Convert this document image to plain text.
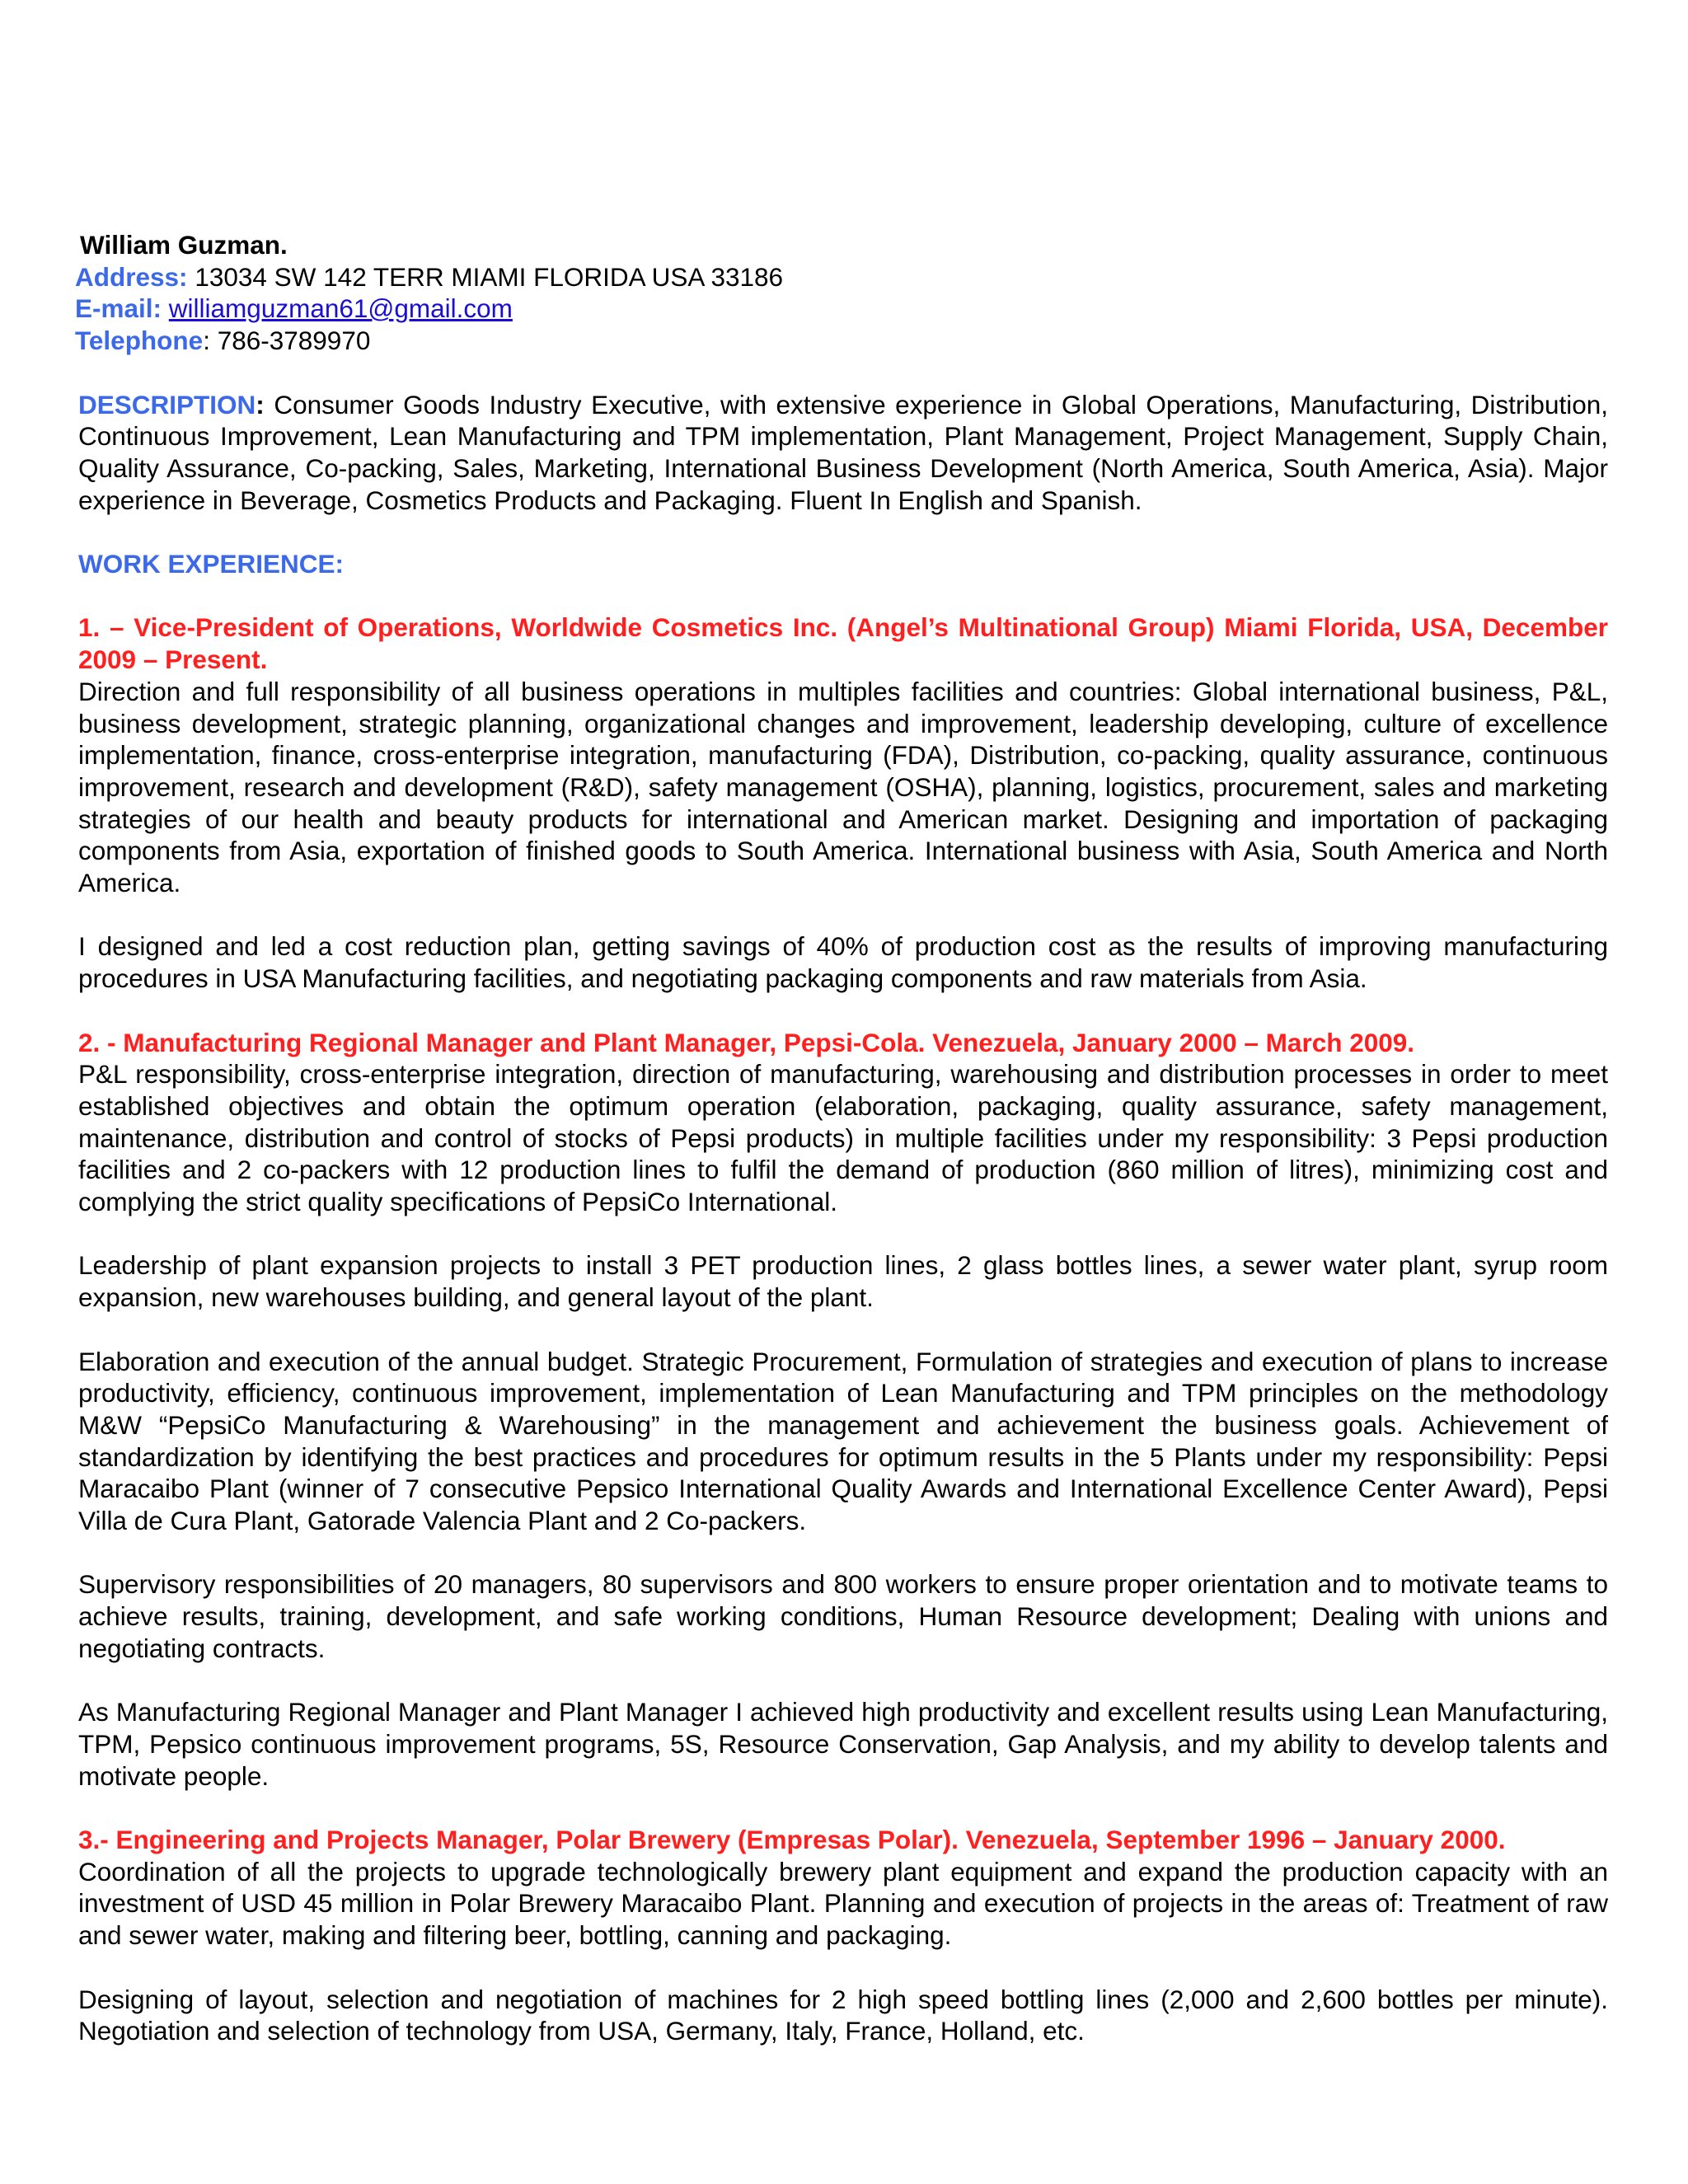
William Guzman.
Address: 13034 SW 142 TERR MIAMI FLORIDA USA 33186
E-mail: williamguzman61@gmail.com
Telephone: 786-3789970

DESCRIPTION: Consumer Goods Industry Executive, with extensive experience in Global Operations, Manufacturing, Distribution, Continuous Improvement, Lean Manufacturing and TPM implementation, Plant Management, Project Management, Supply Chain, Quality Assurance, Co-packing, Sales, Marketing, International Business Development (North America, South America, Asia). Major experience in Beverage, Cosmetics Products and Packaging. Fluent In English and Spanish.

WORK EXPERIENCE:
1. – Vice-President of Operations, Worldwide Cosmetics Inc. (Angel’s Multinational Group) Miami Florida, USA, December 2009 – Present.

Direction and full responsibility of all business operations in multiples facilities and countries: Global international business, P&L, business development, strategic planning, organizational changes and improvement, leadership developing, culture of excellence implementation, finance, cross-enterprise integration, manufacturing (FDA), Distribution, co-packing, quality assurance, continuous improvement, research and development (R&D), safety management (OSHA), planning, logistics, procurement, sales and marketing strategies of our health and beauty products for international and American market. Designing and importation of packaging components from Asia, exportation of finished goods to South America. International business with Asia, South America and North America.

I designed and led a cost reduction plan, getting savings of 40% of production cost as the results of improving manufacturing procedures in USA Manufacturing facilities, and negotiating packaging components and raw materials from Asia.

2. - Manufacturing Regional Manager and Plant Manager, Pepsi-Cola. Venezuela, January 2000 – March 2009.

P&L responsibility, cross-enterprise integration, direction of manufacturing, warehousing and distribution processes in order to meet established objectives and obtain the optimum operation (elaboration, packaging, quality assurance, safety management, maintenance, distribution and control of stocks of Pepsi products) in multiple facilities under my responsibility: 3 Pepsi production facilities and 2 co-packers with 12 production lines to fulfil the demand of production (860 million of litres), minimizing cost and complying the strict quality specifications of PepsiCo International.

Leadership of plant expansion projects to install 3 PET production lines, 2 glass bottles lines, a sewer water plant, syrup room expansion, new warehouses building, and general layout of the plant.

Elaboration and execution of the annual budget. Strategic Procurement, Formulation of strategies and execution of plans to increase productivity, efficiency, continuous improvement, implementation of Lean Manufacturing and TPM principles on the methodology M&W “PepsiCo Manufacturing & Warehousing” in the management and achievement the business goals. Achievement of standardization by identifying the best practices and procedures for optimum results in the 5 Plants under my responsibility: Pepsi Maracaibo Plant (winner of 7 consecutive Pepsico International Quality Awards and International Excellence Center Award), Pepsi Villa de Cura Plant, Gatorade Valencia Plant and 2 Co-packers.

Supervisory responsibilities of 20 managers, 80 supervisors and 800 workers to ensure proper orientation and to motivate teams to achieve results, training, development, and safe working conditions, Human Resource development; Dealing with unions and negotiating contracts.

As Manufacturing Regional Manager and Plant Manager I achieved high productivity and excellent results using Lean Manufacturing, TPM, Pepsico continuous improvement programs, 5S, Resource Conservation, Gap Analysis, and my ability to develop talents and motivate people.

3.- Engineering and Projects Manager, Polar Brewery (Empresas Polar). Venezuela, September 1996 – January 2000.

Coordination of all the projects to upgrade technologically brewery plant equipment and expand the production capacity with an investment of USD 45 million in Polar Brewery Maracaibo Plant. Planning and execution of projects in the areas of: Treatment of raw and sewer water, making and filtering beer, bottling, canning and packaging.

Designing of layout, selection and negotiation of machines for 2 high speed bottling lines (2,000 and 2,600 bottles per minute). Negotiation and selection of technology from USA, Germany, Italy, France, Holland, etc.
